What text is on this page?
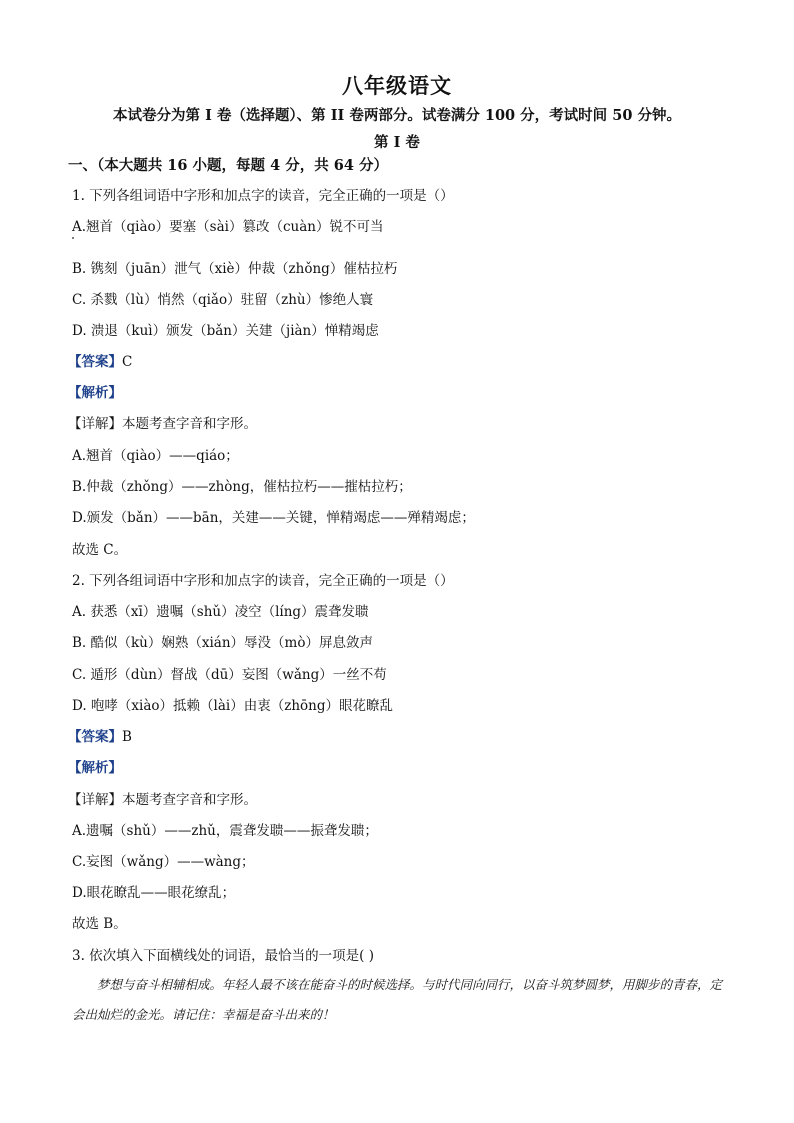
八年级语文
本试卷分为第 I 卷（选择题）、第 II 卷两部分。试卷满分 100 分，考试时间 50 分钟。
第 I 卷
一、（本大题共 16 小题，每题 4 分，共 64 分）
1. 下列各组词语中字形和加点字的读音，完全正确的一项是（）
A.翘首（qiào）要塞（sài）篡改（cuàn）锐不可当
B. 镌刻（juān）泄气（xiè）仲裁（zhǒng）催枯拉朽
C. 杀戮（lù）悄然（qiǎo）驻留（zhù）惨绝人寰
D. 溃退（kuì）颁发（bǎn）关建（jiàn）惮精竭虑
【答案】C
【解析】
【详解】本题考查字音和字形。
A.翘首（qiào）——qiáo；
B.仲裁（zhǒng）——zhòng，催枯拉朽——摧枯拉朽；
D.颁发（bǎn）——bān，关建——关键，惮精竭虑——殚精竭虑；
故选 C。
2. 下列各组词语中字形和加点字的读音，完全正确的一项是（）
A. 获悉（xī）遗嘱（shǔ）凌空（líng）震聋发聩
B. 酷似（kù）娴熟（xián）辱没（mò）屏息敛声
C. 遁形（dùn）督战（dū）妄图（wǎng）一丝不苟
D. 咆哮（xiào）抵赖（lài）由衷（zhōng）眼花瞭乱
【答案】B
【解析】
【详解】本题考查字音和字形。
A.遗嘱（shǔ）——zhǔ，震聋发聩——振聋发聩；
C.妄图（wǎng）——wàng；
D.眼花瞭乱——眼花缭乱；
故选 B。
3. 依次填入下面横线处的词语，最恰当的一项是( )
梦想与奋斗相辅相成。年轻人最不该在能奋斗的时候选择。与时代同向同行，以奋斗筑梦圆梦，用脚步的青春，定会出灿烂的金光。请记住：幸福是奋斗出来的！
